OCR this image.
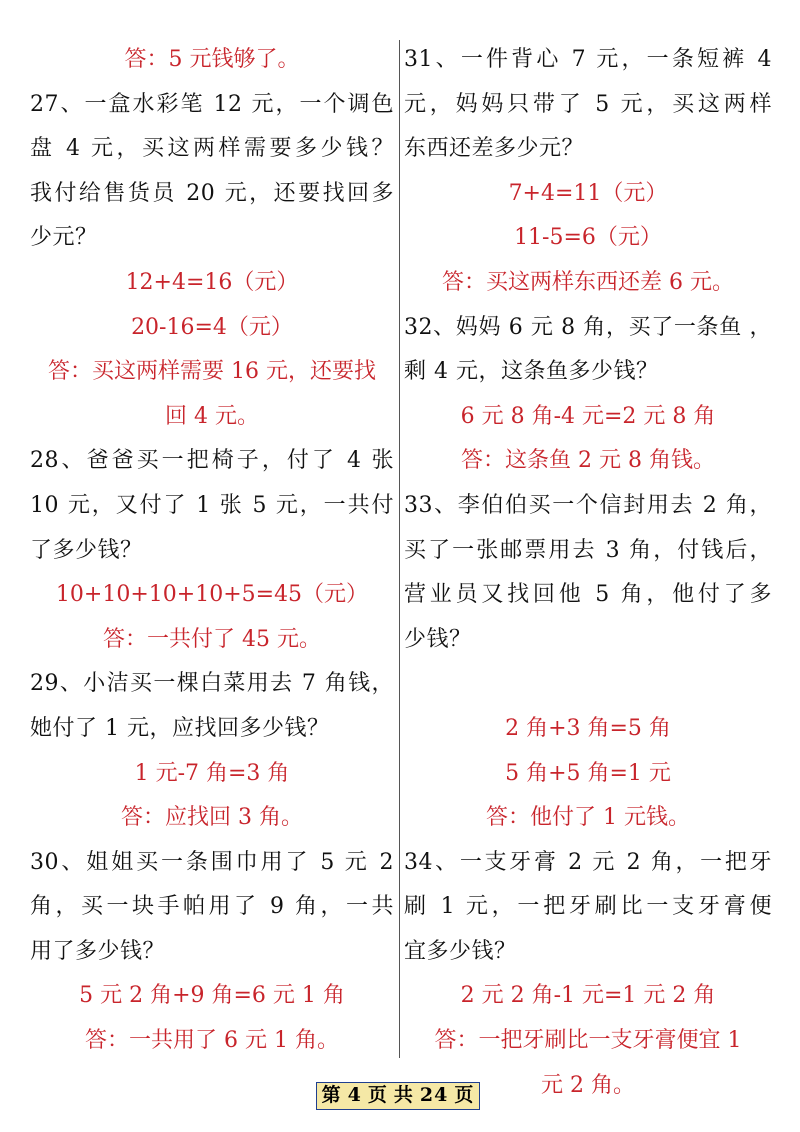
答：5 元钱够了。
27、一盒水彩笔 12 元，一个调色
盘 4 元，买这两样需要多少钱？
我付给售货员 20 元，还要找回多
少元？
12+4=16（元）
20-16=4（元）
答：买这两样需要 16 元，还要找
回 4 元。
28、爸爸买一把椅子，付了 4 张
10 元，又付了 1 张 5 元，一共付
了多少钱？
10+10+10+10+5=45（元）
答：一共付了 45 元。
29、小洁买一棵白菜用去 7 角钱，
她付了 1 元，应找回多少钱？
1 元-7 角=3 角
答：应找回 3 角。
30、姐姐买一条围巾用了 5 元 2
角，买一块手帕用了 9 角，一共
用了多少钱？
5 元 2 角+9 角=6 元 1 角
答：一共用了 6 元 1 角。
31、一件背心 7 元，一条短裤 4
元，妈妈只带了 5 元，买这两样
东西还差多少元？
7+4=11（元）
11-5=6（元）
答：买这两样东西还差 6 元。
32、妈妈 6 元 8 角，买了一条鱼 ，
剩 4 元，这条鱼多少钱？
6 元 8 角-4 元=2 元 8 角
答：这条鱼 2 元 8 角钱。
33、李伯伯买一个信封用去 2 角，
买了一张邮票用去 3 角，付钱后，
营业员又找回他 5 角，他付了多
少钱？
2 角+3 角=5 角
5 角+5 角=1 元
答：他付了 1 元钱。
34、一支牙膏 2 元 2 角，一把牙
刷 1 元，一把牙刷比一支牙膏便
宜多少钱？
2 元 2 角-1 元=1 元 2 角
答：一把牙刷比一支牙膏便宜 1
元 2 角。
第 4 页 共 24 页
